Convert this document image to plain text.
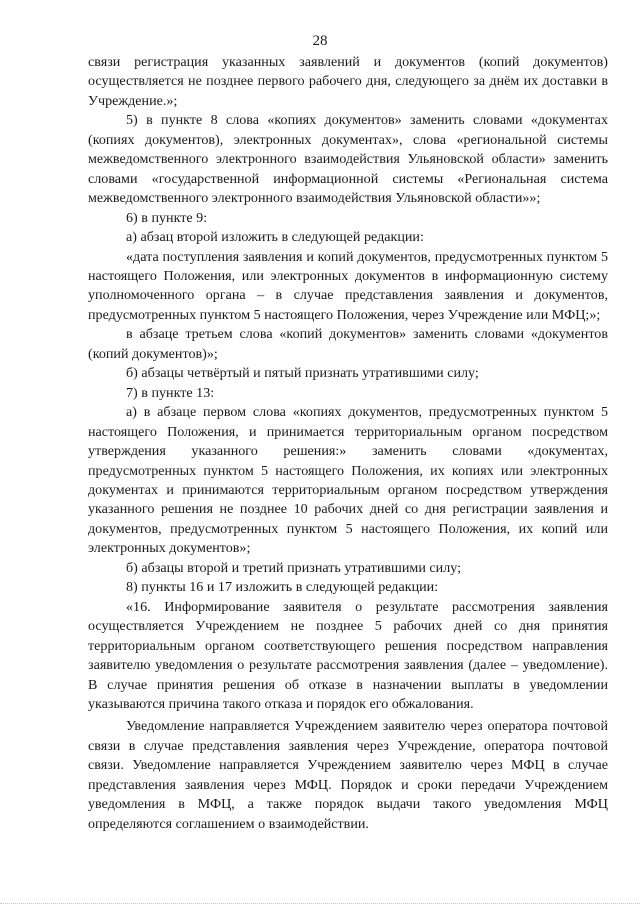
28

связи регистрация указанных заявлений и документов (копий документов) осуществляется не позднее первого рабочего дня, следующего за днём их доставки в Учреждение.»;

5) в пункте 8 слова «копиях документов» заменить словами «документах (копиях документов), электронных документах», слова «региональной системы межведомственного электронного взаимодействия Ульяновской области» заменить словами «государственной информационной системы «Региональная система межведомственного электронного взаимодействия Ульяновской области»»;

6) в пункте 9:

а) абзац второй изложить в следующей редакции:

«дата поступления заявления и копий документов, предусмотренных пунктом 5 настоящего Положения, или электронных документов в информационную систему уполномоченного органа – в случае представления заявления и документов, предусмотренных пунктом 5 настоящего Положения, через Учреждение или МФЦ;»;

в абзаце третьем слова «копий документов» заменить словами «документов (копий документов)»;

б) абзацы четвёртый и пятый признать утратившими силу;

7) в пункте 13:

а) в абзаце первом слова «копиях документов, предусмотренных пунктом 5 настоящего Положения, и принимается территориальным органом посредством утверждения указанного решения:» заменить словами «документах, предусмотренных пунктом 5 настоящего Положения, их копиях или электронных документах и принимаются территориальным органом посредством утверждения указанного решения не позднее 10 рабочих дней со дня регистрации заявления и документов, предусмотренных пунктом 5 настоящего Положения, их копий или электронных документов»;

б) абзацы второй и третий признать утратившими силу;

8) пункты 16 и 17 изложить в следующей редакции:

«16. Информирование заявителя о результате рассмотрения заявления осуществляется Учреждением не позднее 5 рабочих дней со дня принятия территориальным органом соответствующего решения посредством направления заявителю уведомления о результате рассмотрения заявления (далее – уведомление). В случае принятия решения об отказе в назначении выплаты в уведомлении указываются причина такого отказа и порядок его обжалования.

Уведомление направляется Учреждением заявителю через оператора почтовой связи в случае представления заявления через Учреждение, оператора почтовой связи. Уведомление направляется Учреждением заявителю через МФЦ в случае представления заявления через МФЦ. Порядок и сроки передачи Учреждением уведомления в МФЦ, а также порядок выдачи такого уведомления МФЦ определяются соглашением о взаимодействии.
